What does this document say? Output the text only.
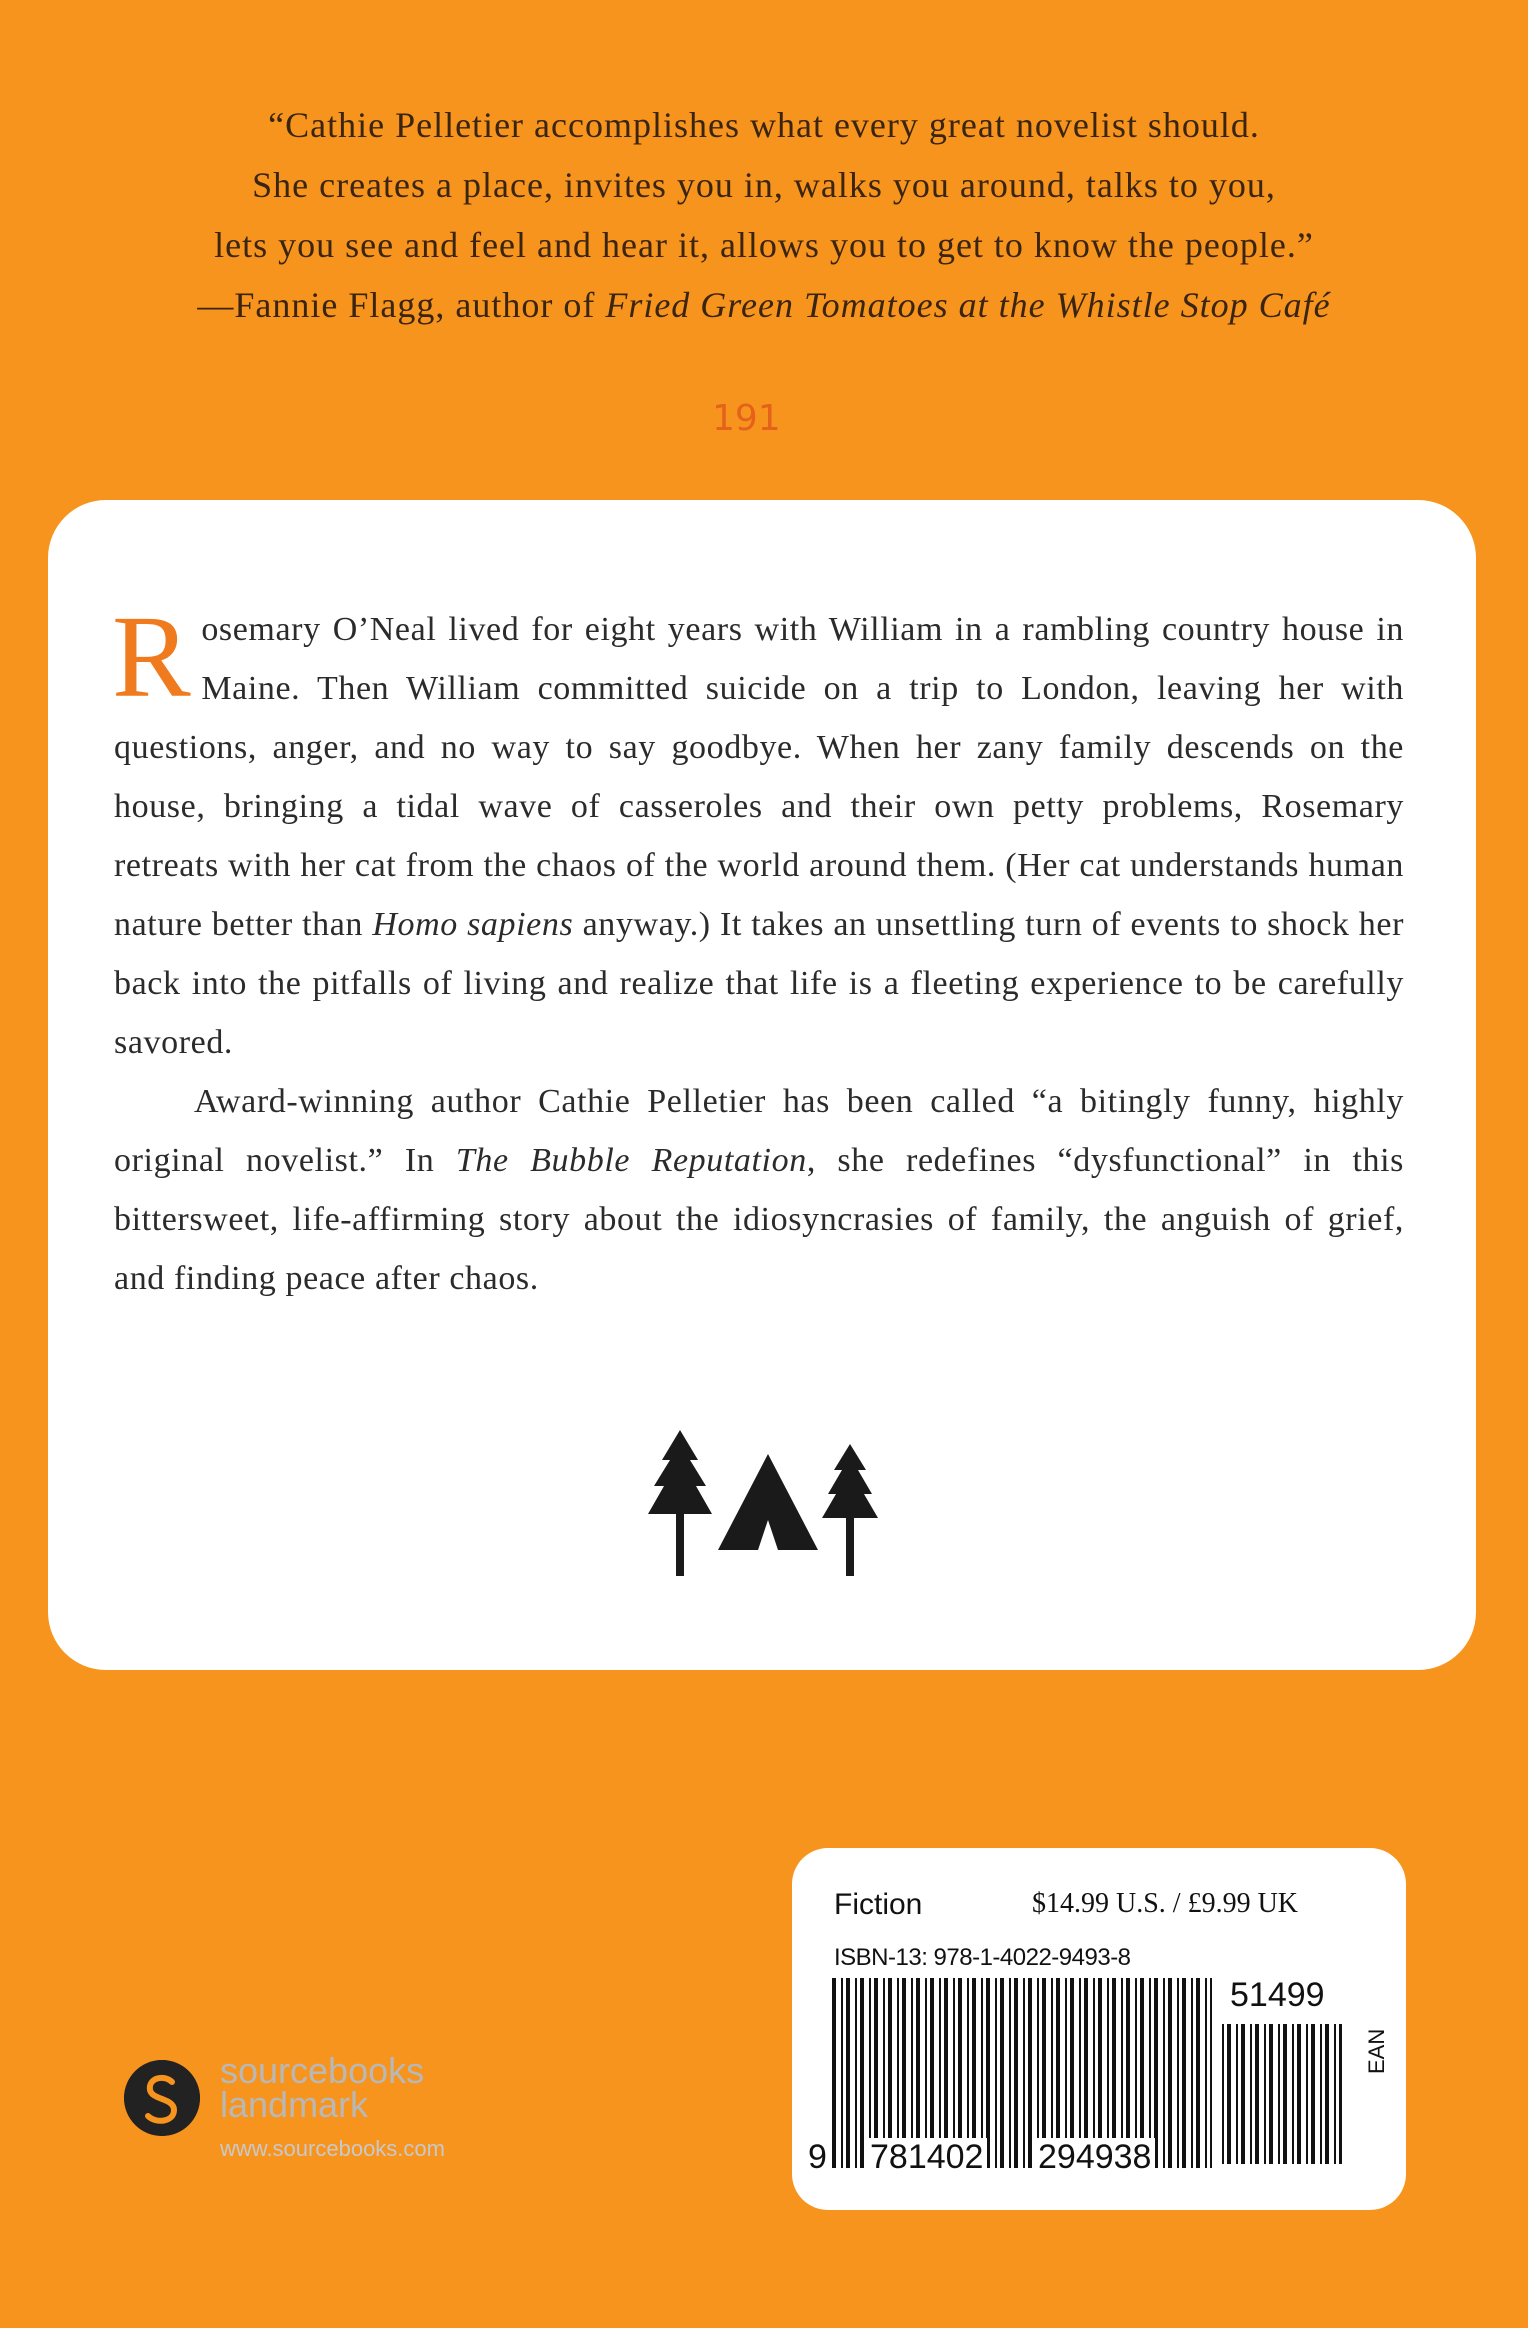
“Cathie Pelletier accomplishes what every great novelist should.
She creates a place, invites you in, walks you around, talks to you,
lets you see and feel and hear it, allows you to get to know the people.”
—Fannie Flagg, author of Fried Green Tomatoes at the Whistle Stop Café
191

Rosemary O’Neal lived for eight years with William in a rambling country house in Maine. Then William committed suicide on a trip to London, leaving her with questions, anger, and no way to say goodbye. When her zany family descends on the house, bringing a tidal wave of casseroles and their own petty problems, Rosemary retreats with her cat from the chaos of the world around them. (Her cat understands human nature better than Homo sapiens anyway.) It takes an unsettling turn of events to shock her back into the pitfalls of living and realize that life is a fleeting experience to be carefully savored.

Award-winning author Cathie Pelletier has been called “a bitingly funny, highly original novelist.” In The Bubble Reputation, she redefines “dysfunctional” in this bittersweet, life-affirming story about the idiosyncrasies of family, the anguish of grief, and finding peace after chaos.

Fiction	$14.99 U.S. / £9.99 UK
ISBN-13: 978-1-4022-9493-8
51499
EAN
9 781402 294938
sourcebooks
landmark
www.sourcebooks.com
